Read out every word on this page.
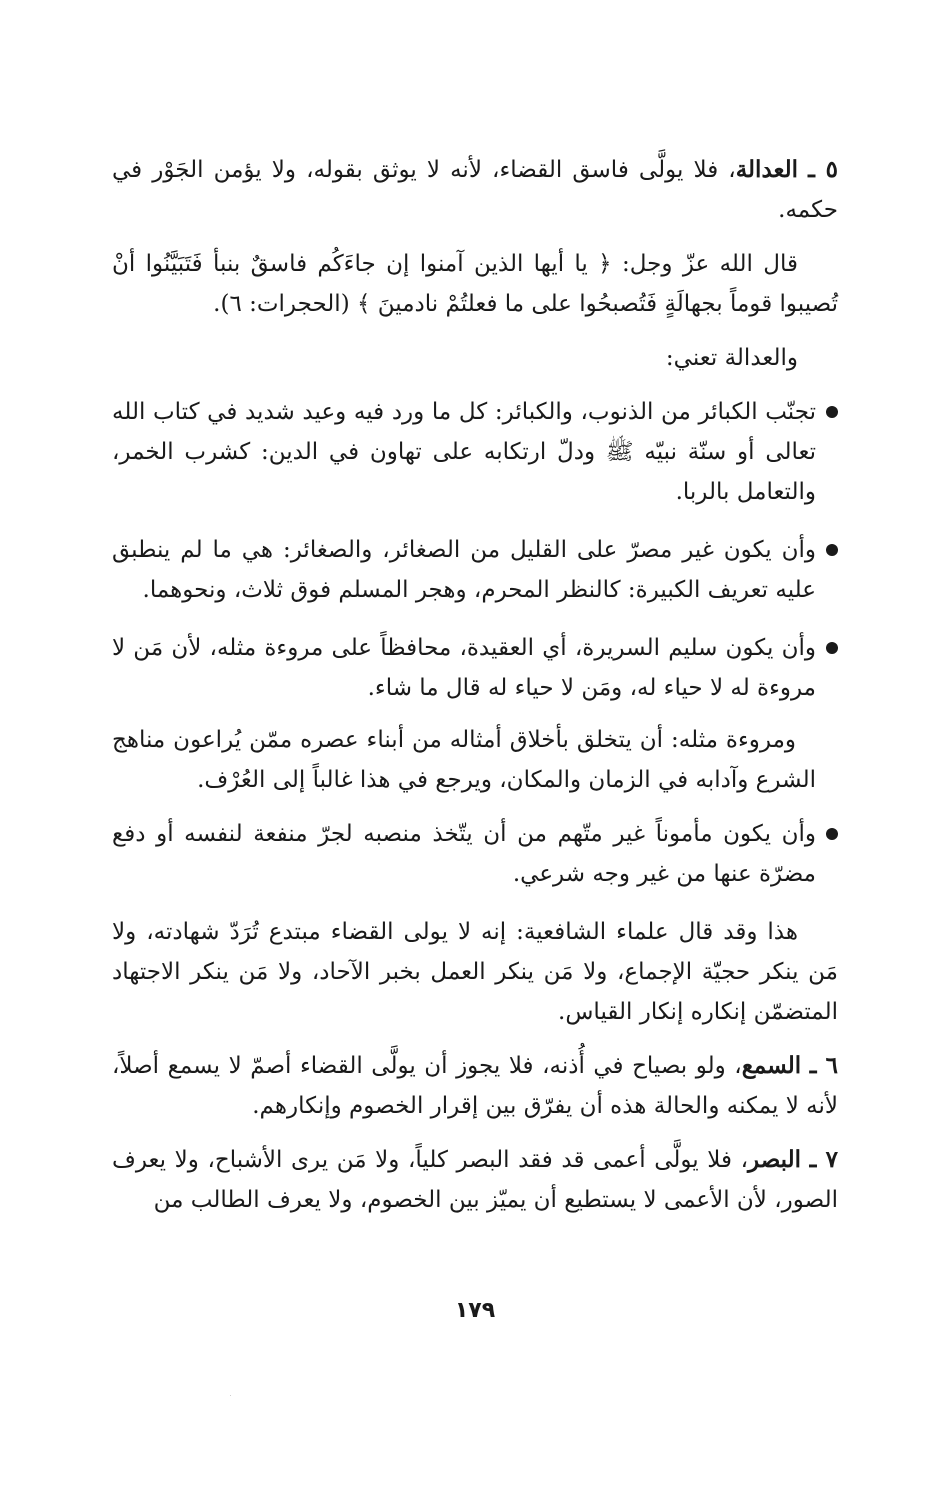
٥ ـ العدالة، فلا يولَّى فاسق القضاء، لأنه لا يوثق بقوله، ولا يؤمن الجَوْر في حكمه.

قال الله عزّ وجل: ﴿ يا أيها الذين آمنوا إن جاءَكُم فاسقٌ بنبأ فَتَبَيَّنُوا أنْ تُصيبوا قوماً بجهالَةٍ فَتُصبحُوا على ما فعلتُمْ نادمينَ ﴾ (الحجرات: ٦).

والعدالة تعني:

تجنّب الكبائر من الذنوب، والكبائر: كل ما ورد فيه وعيد شديد في كتاب الله تعالى أو سنّة نبيّه ﷺ ودلّ ارتكابه على تهاون في الدين: كشرب الخمر، والتعامل بالربا.
وأن يكون غير مصرّ على القليل من الصغائر، والصغائر: هي ما لم ينطبق عليه تعريف الكبيرة: كالنظر المحرم، وهجر المسلم فوق ثلاث، ونحوهما.
وأن يكون سليم السريرة، أي العقيدة، محافظاً على مروءة مثله، لأن مَن لا مروءة له لا حياء له، ومَن لا حياء له قال ما شاء.

ومروءة مثله: أن يتخلق بأخلاق أمثاله من أبناء عصره ممّن يُراعون مناهج الشرع وآدابه في الزمان والمكان، ويرجع في هذا غالباً إلى العُرْف.

وأن يكون مأموناً غير متّهم من أن يتّخذ منصبه لجرّ منفعة لنفسه أو دفع مضرّة عنها من غير وجه شرعي.

هذا وقد قال علماء الشافعية: إنه لا يولى القضاء مبتدع تُرَدّ شهادته، ولا مَن ينكر حجيّة الإجماع، ولا مَن ينكر العمل بخبر الآحاد، ولا مَن ينكر الاجتهاد المتضمّن إنكاره إنكار القياس.

٦ ـ السمع، ولو بصياح في أُذنه، فلا يجوز أن يولَّى القضاء أصمّ لا يسمع أصلاً، لأنه لا يمكنه والحالة هذه أن يفرّق بين إقرار الخصوم وإنكارهم.

٧ ـ البصر، فلا يولَّى أعمى قد فقد البصر كلياً، ولا مَن يرى الأشباح، ولا يعرف الصور، لأن الأعمى لا يستطيع أن يميّز بين الخصوم، ولا يعرف الطالب من

١٧٩
